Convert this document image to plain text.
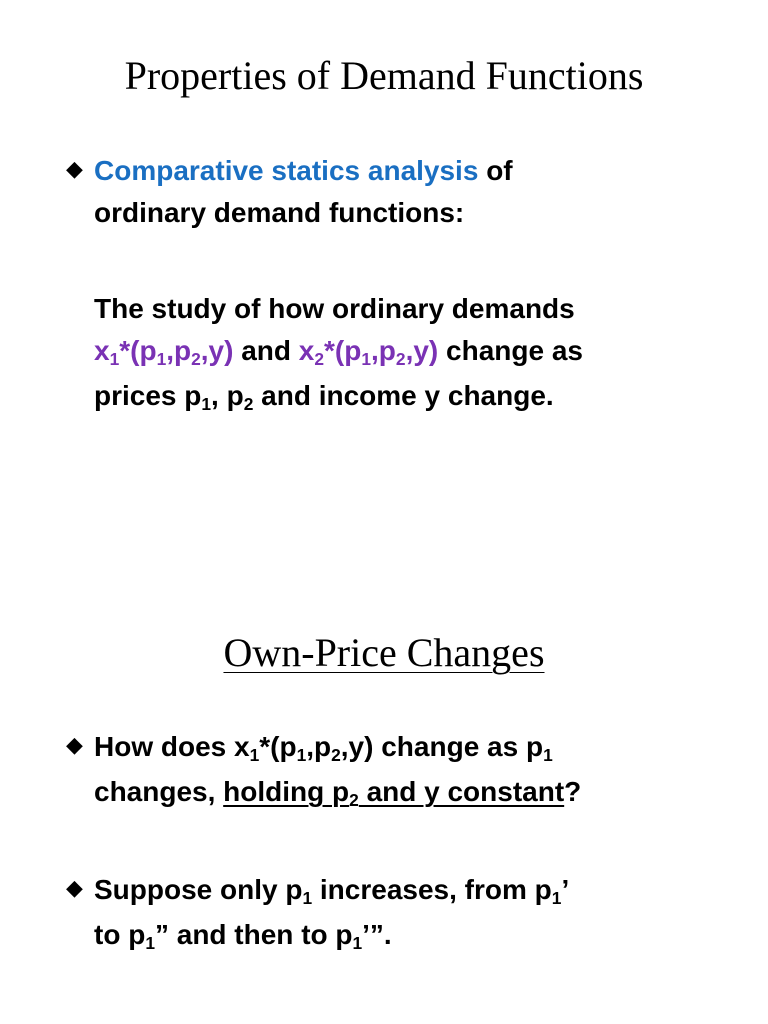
Properties of Demand Functions
◆ Comparative statics analysis of
ordinary demand functions:

The study of how ordinary demands
$x_1*(p_1,p_2,y)$ and $x_2*(p_1,p_2,y)$ change as
prices $p_1$, $p_2$ and income y change.

Own-Price Changes
◆ How does $x_1*(p_1,p_2,y)$ change as $p_1$
changes, holding $p_2$ and y constant?

◆ Suppose only $p_1$ increases, from $p_1$’
to $p_1$” and then to $p_1$’”.
